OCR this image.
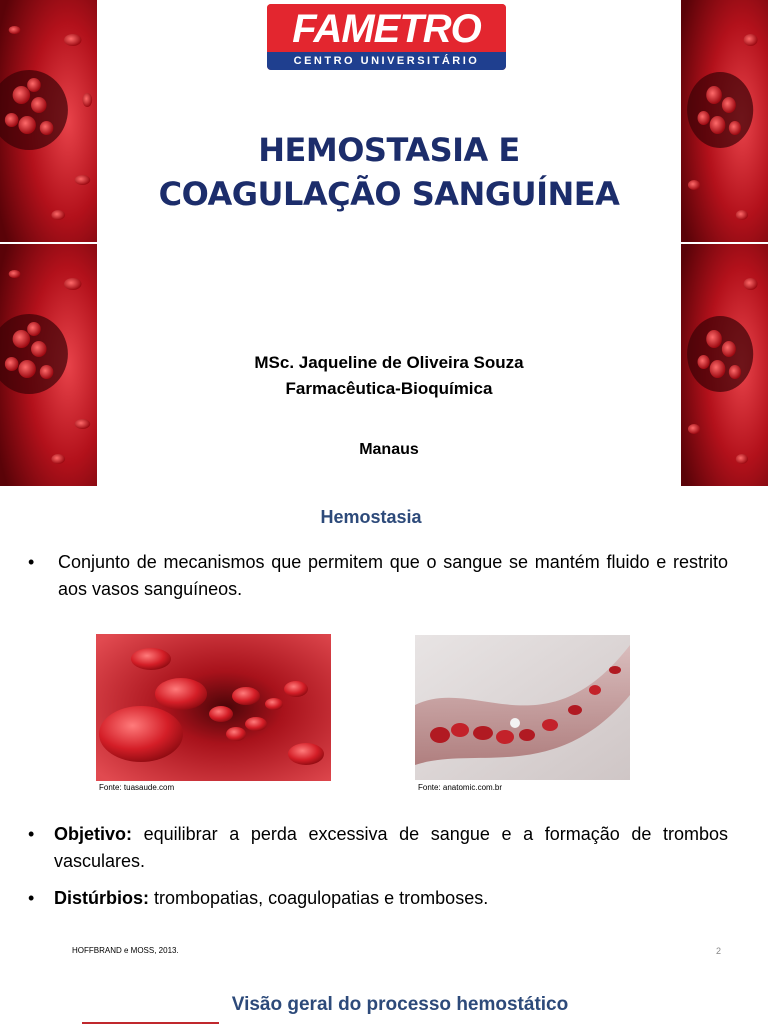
FAMETRO
CENTRO UNIVERSITÁRIO
HEMOSTASIA E
COAGULAÇÃO SANGUÍNEA
MSc. Jaqueline de Oliveira Souza
Farmacêutica-Bioquímica
Manaus
Hemostasia
• Conjunto de mecanismos que permitem que o sangue se mantém fluido e restrito aos vasos sanguíneos.
Fonte: tuasaude.com	Fonte: anatomic.com.br
• Objetivo: equilibrar a perda excessiva de sangue e a formação de trombos vasculares.
• Distúrbios: trombopatias, coagulopatias e tromboses.
HOFFBRAND e MOSS, 2013.	2
Visão geral do processo hemostático
